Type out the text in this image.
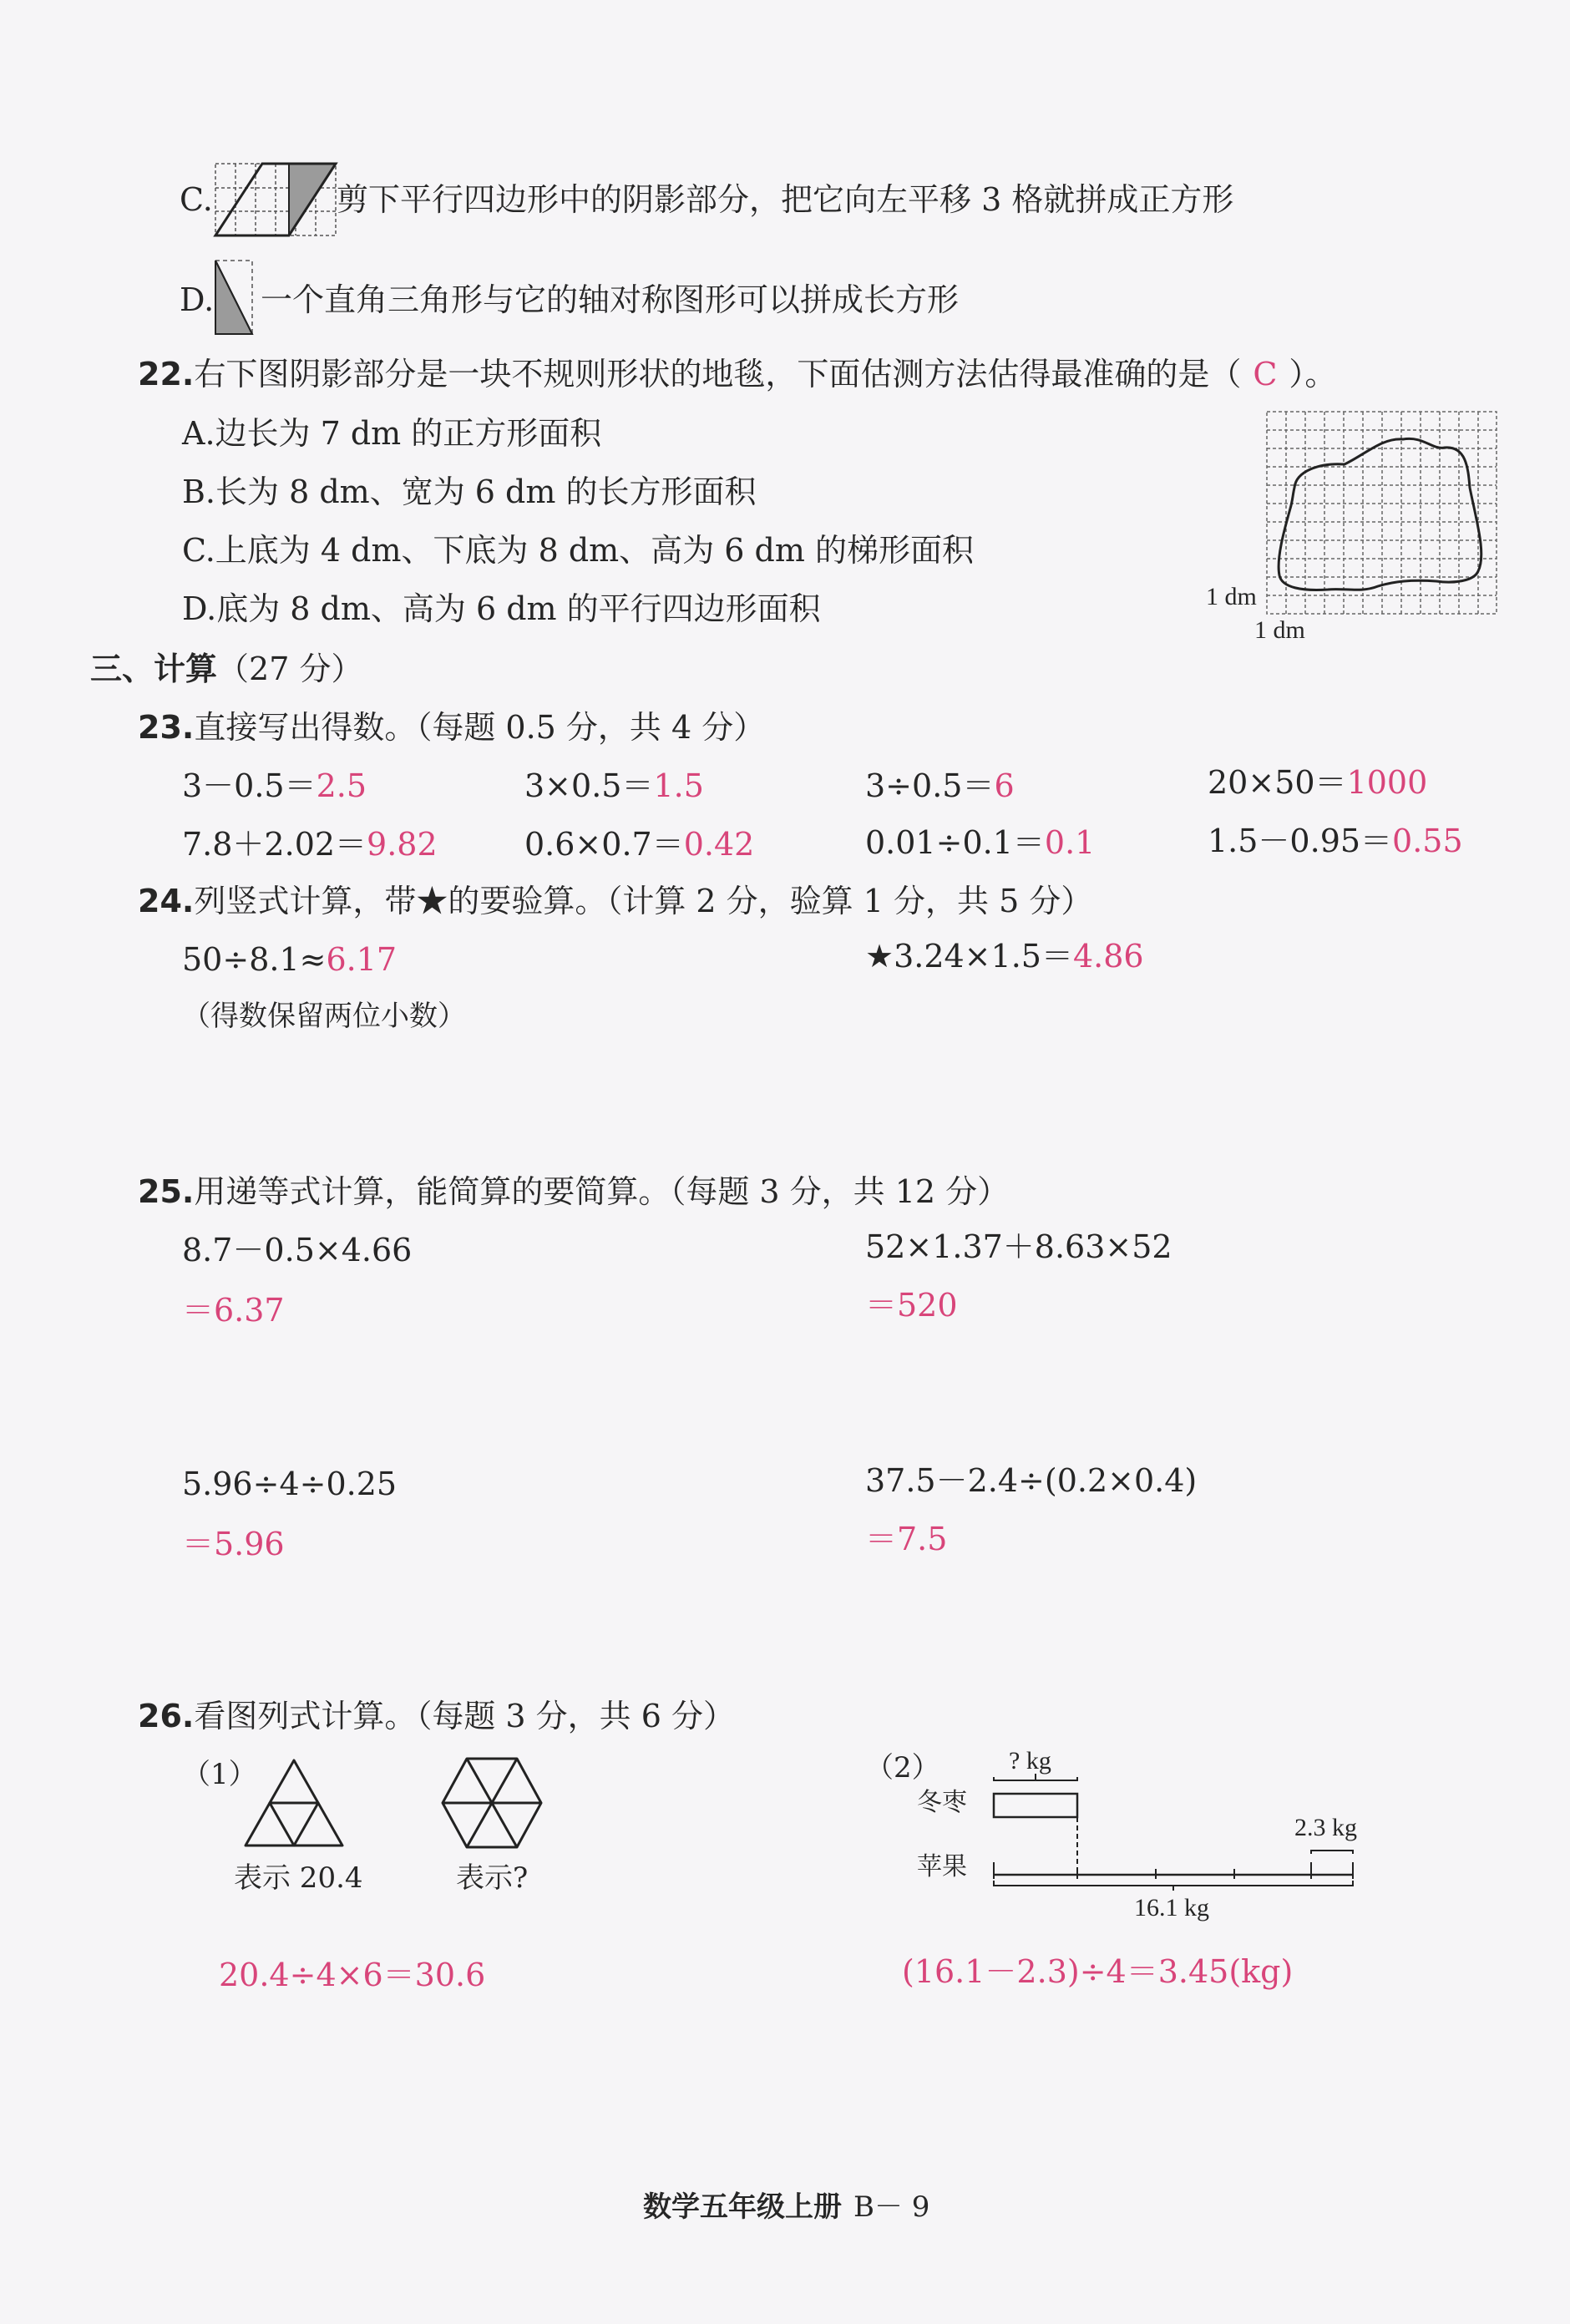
C.	剪下平行四边形中的阴影部分，把它向左平移 3 格就拼成正方形
D. 一个直角三角形与它的轴对称图形可以拼成长方形
22.右下图阴影部分是一块不规则形状的地毯，下面估测方法估得最准确的是（ C ）。
A.边长为 7 dm 的正方形面积
B.长为 8 dm、宽为 6 dm 的长方形面积
C.上底为 4 dm、下底为 8 dm、高为 6 dm 的梯形面积
D.底为 8 dm、高为 6 dm 的平行四边形面积	1 dm
1 dm
三、计算（27 分）
23.直接写出得数。（每题 0.5 分，共 4 分）
3－0.5＝2.5	3×0.5＝1.5	3÷0.5＝6	20×50＝1000
7.8＋2.02＝9.82	0.6×0.7＝0.42	0.01÷0.1＝0.1	1.5－0.95＝0.55
24.列竖式计算，带★的要验算。（计算 2 分，验算 1 分，共 5 分）
50÷8.1≈6.17
（得数保留两位小数）
★3.24×1.5＝4.86
25.用递等式计算，能简算的要简算。（每题 3 分，共 12 分）
8.7－0.5×4.66
＝6.37
52×1.37＋8.63×52
＝520
5.96÷4÷0.25
＝5.96
37.5－2.4÷(0.2×0.4)
＝7.5
26.看图列式计算。（每题 3 分，共 6 分）
（1）
表示 20.4	表示?
20.4÷4×6＝30.6
（2）	? kg
冬枣
2.3 kg
苹果
16.1 kg
(16.1－2.3)÷4＝3.45(kg)
数学五年级上册 B－ 9
